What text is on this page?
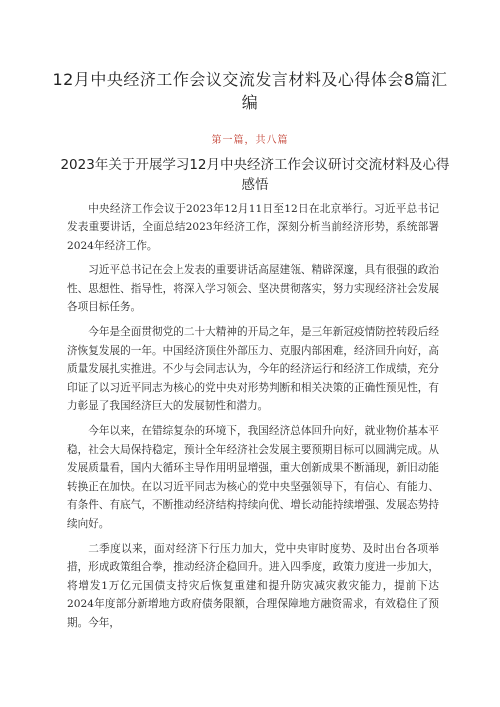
12月中央经济工作会议交流发言材料及心得体会8篇汇编
第一篇，共八篇
2023年关于开展学习12月中央经济工作会议研讨交流材料及心得感悟

中央经济工作会议于2023年12月11日至12日在北京举行。习近平总书记发表重要讲话，全面总结2023年经济工作，深刻分析当前经济形势，系统部署2024年经济工作。

习近平总书记在会上发表的重要讲话高屋建瓴、精辟深邃，具有很强的政治性、思想性、指导性，将深入学习领会、坚决贯彻落实，努力实现经济社会发展各项目标任务。

今年是全面贯彻党的二十大精神的开局之年，是三年新冠疫情防控转段后经济恢复发展的一年。中国经济顶住外部压力、克服内部困难，经济回升向好，高质量发展扎实推进。不少与会同志认为，今年的经济运行和经济工作成绩，充分印证了以习近平同志为核心的党中央对形势判断和相关决策的正确性预见性，有力彰显了我国经济巨大的发展韧性和潜力。

今年以来，在错综复杂的环境下，我国经济总体回升向好，就业物价基本平稳，社会大局保持稳定，预计全年经济社会发展主要预期目标可以圆满完成。从发展质量看，国内大循环主导作用明显增强，重大创新成果不断涌现，新旧动能转换正在加快。在以习近平同志为核心的党中央坚强领导下，有信心、有能力、有条件、有底气，不断推动经济结构持续向优、增长动能持续增强、发展态势持续向好。

二季度以来，面对经济下行压力加大，党中央审时度势、及时出台各项举措，形成政策组合拳，推动经济企稳回升。进入四季度，政策力度进一步加大，将增发1万亿元国债支持灾后恢复重建和提升防灾减灾救灾能力，提前下达2024年度部分新增地方政府债务限额，合理保障地方融资需求，有效稳住了预期。今年，
